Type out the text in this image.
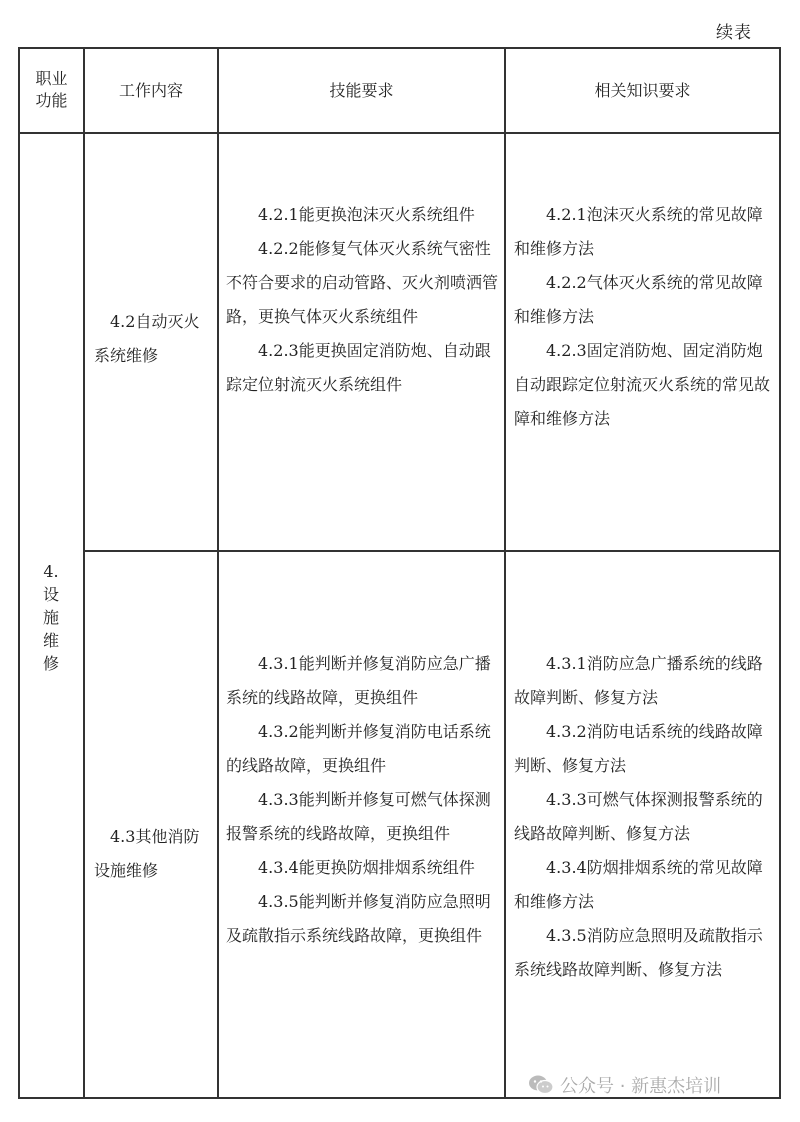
续表
职业
功能
工作内容	技能要求	相关知识要求
4.
设
施
维
修
4.2自动灭火
系统维修

4.2.1能更换泡沫灭火系统组件

4.2.2能修复气体灭火系统气密性不符合要求的启动管路、灭火剂喷洒管路，更换气体灭火系统组件

4.2.3能更换固定消防炮、自动跟踪定位射流灭火系统组件

4.2.1泡沫灭火系统的常见故障和维修方法

4.2.2气体灭火系统的常见故障和维修方法

4.2.3固定消防炮、固定消防炮自动跟踪定位射流灭火系统的常见故障和维修方法

4.3其他消防
设施维修

4.3.1能判断并修复消防应急广播系统的线路故障，更换组件

4.3.2能判断并修复消防电话系统的线路故障，更换组件

4.3.3能判断并修复可燃气体探测报警系统的线路故障，更换组件

4.3.4能更换防烟排烟系统组件

4.3.5能判断并修复消防应急照明及疏散指示系统线路故障，更换组件

4.3.1消防应急广播系统的线路故障判断、修复方法

4.3.2消防电话系统的线路故障判断、修复方法

4.3.3可燃气体探测报警系统的线路故障判断、修复方法

4.3.4防烟排烟系统的常见故障和维修方法

4.3.5消防应急照明及疏散指示系统线路故障判断、修复方法

公众号 · 新惠杰培训
